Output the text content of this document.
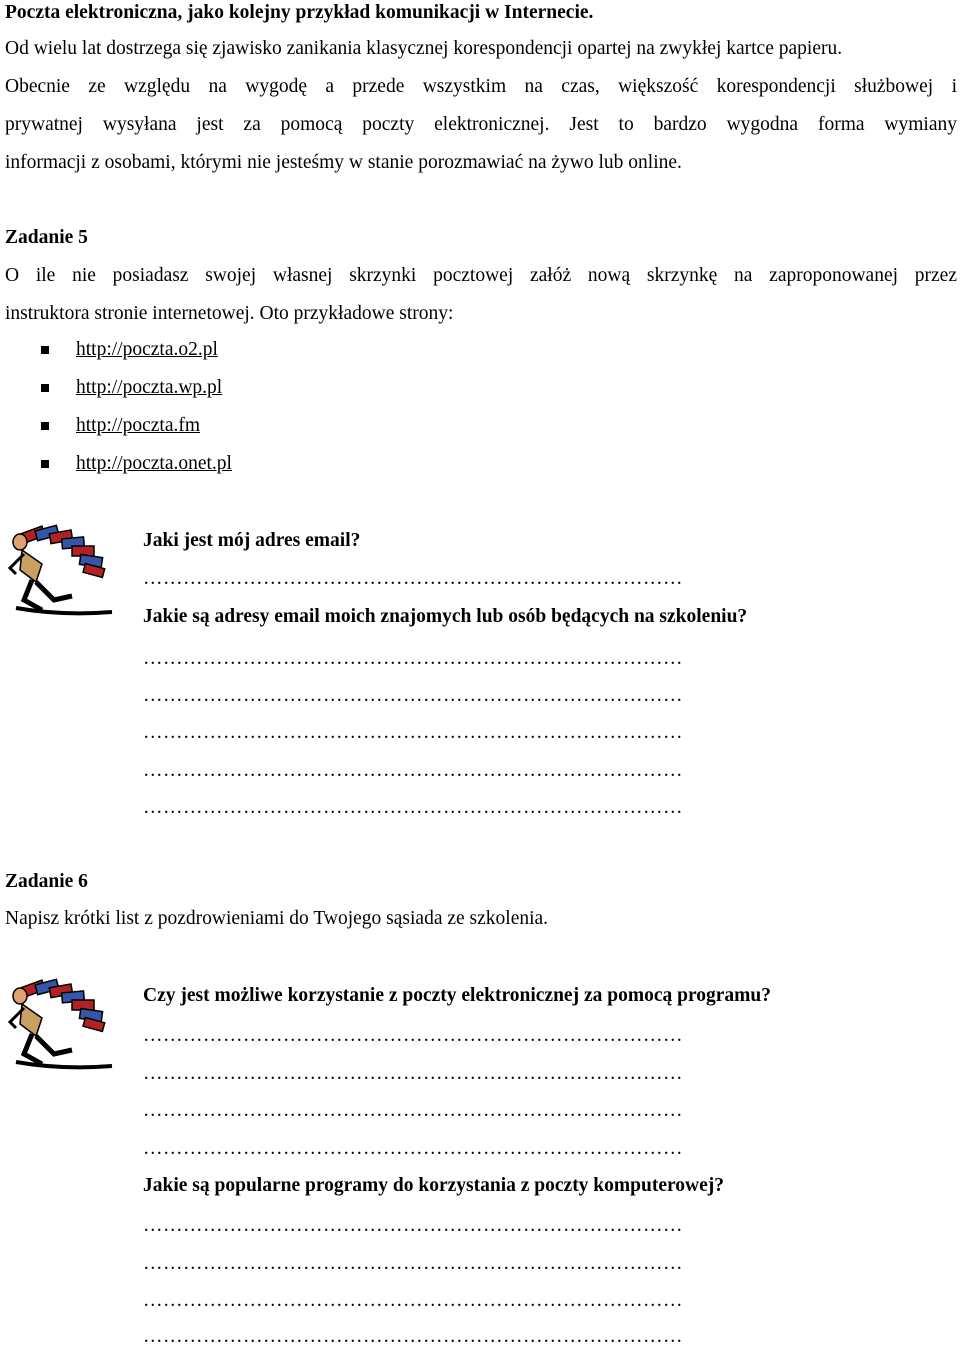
Poczta elektroniczna, jako kolejny przykład komunikacji w Internecie.
Od wielu lat dostrzega się zjawisko zanikania klasycznej korespondencji opartej na zwykłej kartce papieru.
Obecnie ze względu na wygodę a przede wszystkim na czas, większość korespondencji służbowej i
prywatnej wysyłana jest za pomocą poczty elektronicznej. Jest to bardzo wygodna forma wymiany
informacji z osobami, którymi nie jesteśmy w stanie porozmawiać na żywo lub online.
Zadanie 5
O ile nie posiadasz swojej własnej skrzynki pocztowej załóż nową skrzynkę na zaproponowanej przez
instruktora stronie internetowej. Oto przykładowe strony:
http://poczta.o2.pl
http://poczta.wp.pl
http://poczta.fm
http://poczta.onet.pl
Jaki jest mój adres email?
………………………………………………………………………
Jakie są adresy email moich znajomych lub osób będących na szkoleniu?
………………………………………………………………………
………………………………………………………………………
………………………………………………………………………
………………………………………………………………………
………………………………………………………………………
Zadanie 6
Napisz krótki list z pozdrowieniami do Twojego sąsiada ze szkolenia.
Czy jest możliwe korzystanie z poczty elektronicznej za pomocą programu?
………………………………………………………………………
………………………………………………………………………
………………………………………………………………………
………………………………………………………………………
Jakie są popularne programy do korzystania z poczty komputerowej?
………………………………………………………………………
………………………………………………………………………
………………………………………………………………………
………………………………………………………………………
